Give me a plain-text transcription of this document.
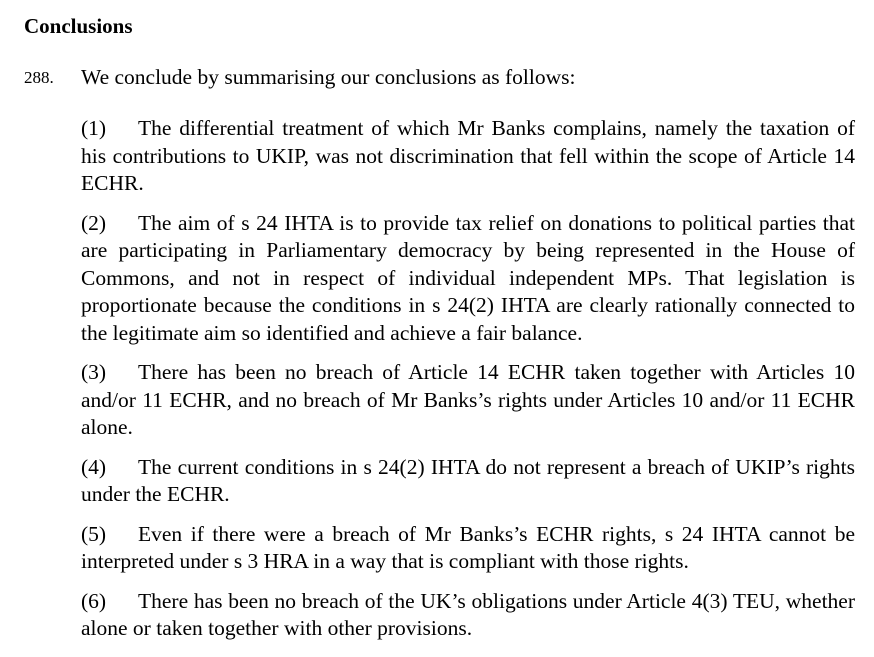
Conclusions
288. We conclude by summarising our conclusions as follows:

(1) The differential treatment of which Mr Banks complains, namely the taxation of his contributions to UKIP, was not discrimination that fell within the scope of Article 14 ECHR.
(2) The aim of s 24 IHTA is to provide tax relief on donations to political parties that are participating in Parliamentary democracy by being represented in the House of Commons, and not in respect of individual independent MPs. That legislation is proportionate because the conditions in s 24(2) IHTA are clearly rationally connected to the legitimate aim so identified and achieve a fair balance.
(3) There has been no breach of Article 14 ECHR taken together with Articles 10 and/or 11 ECHR, and no breach of Mr Banks’s rights under Articles 10 and/or 11 ECHR alone.
(4) The current conditions in s 24(2) IHTA do not represent a breach of UKIP’s rights under the ECHR.
(5) Even if there were a breach of Mr Banks’s ECHR rights, s 24 IHTA cannot be interpreted under s 3 HRA in a way that is compliant with those rights.
(6) There has been no breach of the UK’s obligations under Article 4(3) TEU, whether alone or taken together with other provisions.
